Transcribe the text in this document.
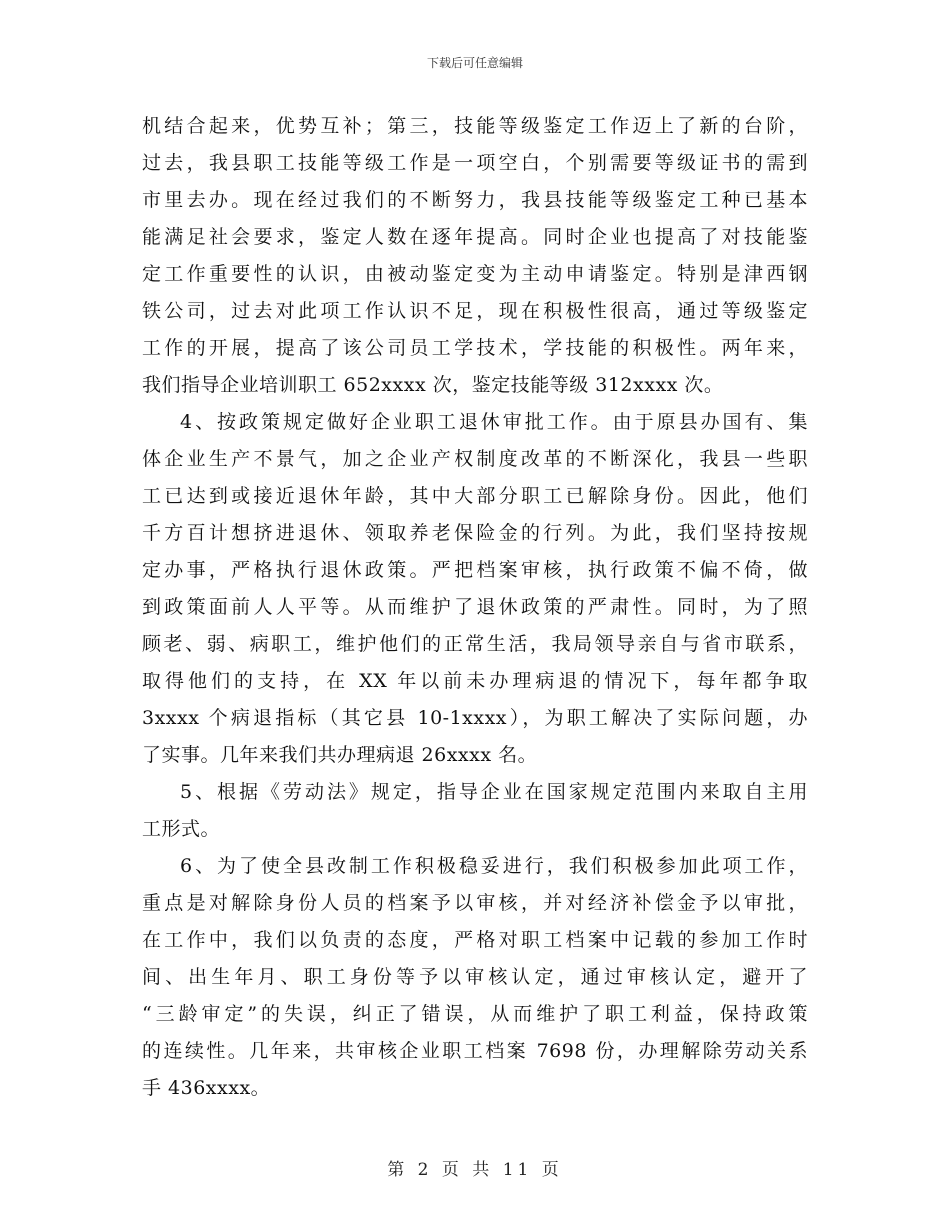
下载后可任意编辑
机结合起来，优势互补；第三，技能等级鉴定工作迈上了新的台阶，
过去，我县职工技能等级工作是一项空白，个别需要等级证书的需到
市里去办。现在经过我们的不断努力，我县技能等级鉴定工种已基本
能满足社会要求，鉴定人数在逐年提高。同时企业也提高了对技能鉴
定工作重要性的认识，由被动鉴定变为主动申请鉴定。特别是津西钢
铁公司，过去对此项工作认识不足，现在积极性很高，通过等级鉴定
工作的开展，提高了该公司员工学技术，学技能的积极性。两年来，
我们指导企业培训职工 652xxxx 次，鉴定技能等级 312xxxx 次。
4、按政策规定做好企业职工退休审批工作。由于原县办国有、集
体企业生产不景气，加之企业产权制度改革的不断深化，我县一些职
工已达到或接近退休年龄，其中大部分职工已解除身份。因此，他们
千方百计想挤进退休、领取养老保险金的行列。为此，我们坚持按规
定办事，严格执行退休政策。严把档案审核，执行政策不偏不倚，做
到政策面前人人平等。从而维护了退休政策的严肃性。同时，为了照
顾老、弱、病职工，维护他们的正常生活，我局领导亲自与省市联系，
取得他们的支持，在 XX 年以前未办理病退的情况下，每年都争取
3xxxx 个病退指标（其它县 10-1xxxx），为职工解决了实际问题，办
了实事。几年来我们共办理病退 26xxxx 名。
5、根据《劳动法》规定，指导企业在国家规定范围内来取自主用
工形式。
6、为了使全县改制工作积极稳妥进行，我们积极参加此项工作，
重点是对解除身份人员的档案予以审核，并对经济补偿金予以审批，
在工作中，我们以负责的态度，严格对职工档案中记载的参加工作时
间、出生年月、职工身份等予以审核认定，通过审核认定，避开了
“三龄审定”的失误，纠正了错误，从而维护了职工利益，保持政策
的连续性。几年来，共审核企业职工档案 7698 份，办理解除劳动关系
手 436xxxx。
第 2 页 共 11 页
